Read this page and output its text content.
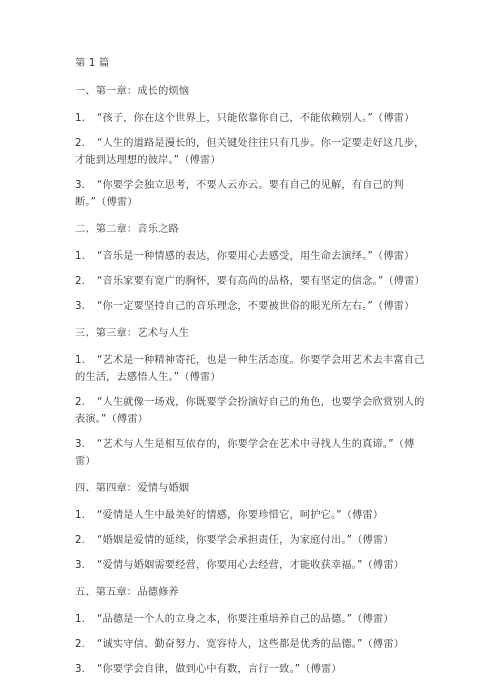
第 1 篇
一、第一章：成长的烦恼
1. “孩子，你在这个世界上，只能依靠你自己，不能依赖别人。”（傅雷）
2. “人生的道路是漫长的，但关键处往往只有几步。你一定要走好这几步，才能到达理想的彼岸。”（傅雷）
3. “你要学会独立思考，不要人云亦云。要有自己的见解，有自己的判断。”（傅雷）
二、第二章：音乐之路
1. “音乐是一种情感的表达，你要用心去感受，用生命去演绎。”（傅雷）
2. “音乐家要有宽广的胸怀，要有高尚的品格，要有坚定的信念。”（傅雷）
3. “你一定要坚持自己的音乐理念，不要被世俗的眼光所左右。”（傅雷）
三、第三章：艺术与人生
1. “艺术是一种精神寄托，也是一种生活态度。你要学会用艺术去丰富自己的生活，去感悟人生。”（傅雷）
2. “人生就像一场戏，你既要学会扮演好自己的角色，也要学会欣赏别人的表演。”（傅雷）
3. “艺术与人生是相互依存的，你要学会在艺术中寻找人生的真谛。”（傅雷）
四、第四章：爱情与婚姻
1. “爱情是人生中最美好的情感，你要珍惜它，呵护它。”（傅雷）
2. “婚姻是爱情的延续，你要学会承担责任，为家庭付出。”（傅雷）
3. “爱情与婚姻需要经营，你要用心去经营，才能收获幸福。”（傅雷）
五、第五章：品德修养
1. “品德是一个人的立身之本，你要注重培养自己的品德。”（傅雷）
2. “诚实守信、勤奋努力、宽容待人，这些都是优秀的品德。”（傅雷）
3. “你要学会自律，做到心中有数，言行一致。”（傅雷）
